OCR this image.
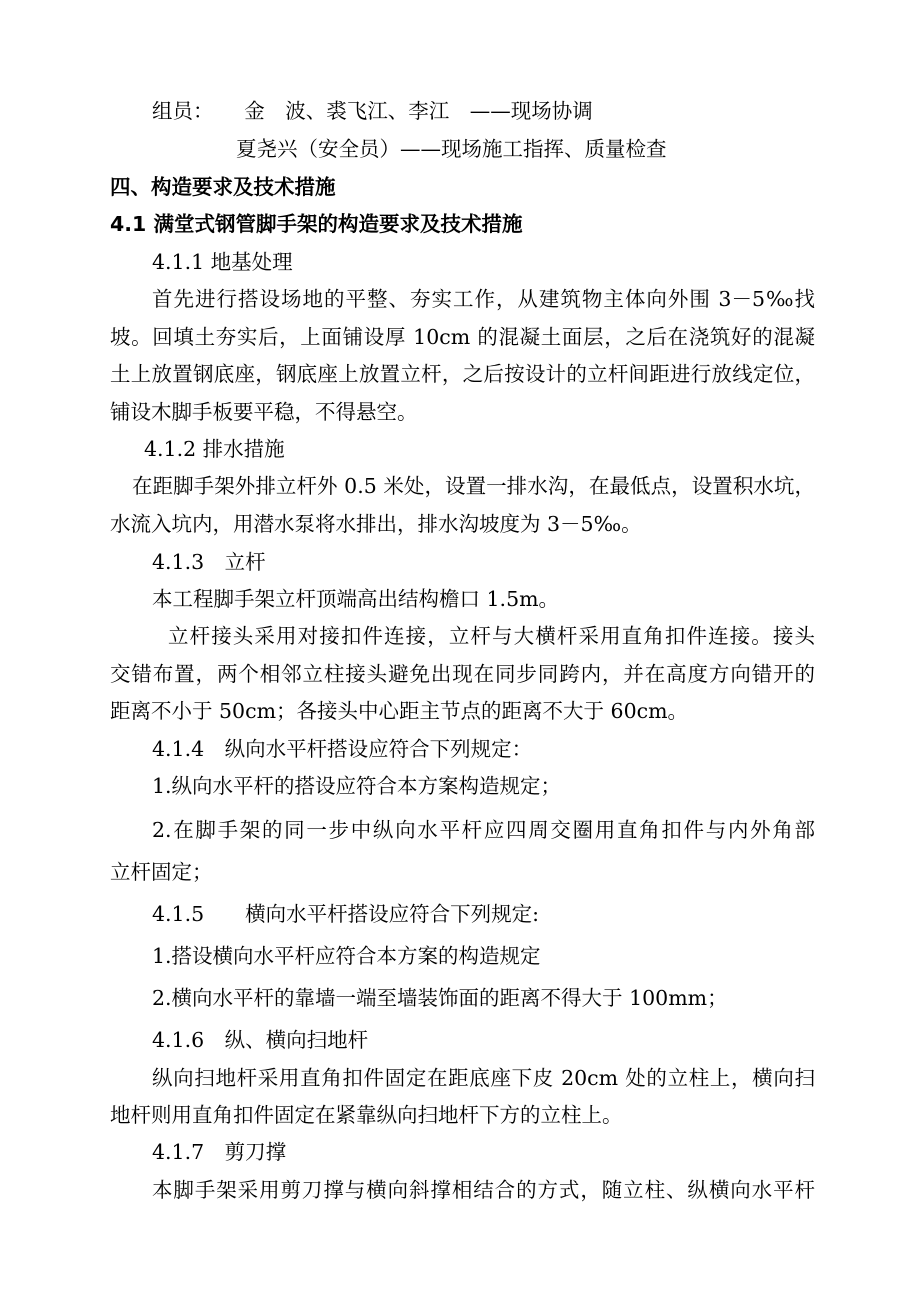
组员：　　金　波、裘飞江、李江　——现场协调
夏尧兴（安全员）——现场施工指挥、质量检查
四、构造要求及技术措施
4.1 满堂式钢管脚手架的构造要求及技术措施
4.1.1 地基处理
首先进行搭设场地的平整、夯实工作，从建筑物主体向外围 3－5‰找
坡。回填土夯实后，上面铺设厚 10cm 的混凝土面层，之后在浇筑好的混凝
土上放置钢底座，钢底座上放置立杆，之后按设计的立杆间距进行放线定位，
铺设木脚手板要平稳，不得悬空。
4.1.2 排水措施
在距脚手架外排立杆外 0.5 米处，设置一排水沟，在最低点，设置积水坑，
水流入坑内，用潜水泵将水排出，排水沟坡度为 3－5‰。
4.1.3　立杆
本工程脚手架立杆顶端高出结构檐口 1.5m。
立杆接头采用对接扣件连接，立杆与大横杆采用直角扣件连接。接头
交错布置，两个相邻立柱接头避免出现在同步同跨内，并在高度方向错开的
距离不小于 50cm；各接头中心距主节点的距离不大于 60cm。
4.1.4　纵向水平杆搭设应符合下列规定：
1.纵向水平杆的搭设应符合本方案构造规定；
2.在脚手架的同一步中纵向水平杆应四周交圈用直角扣件与内外角部
立杆固定；
4.1.5　　横向水平杆搭设应符合下列规定:
1.搭设横向水平杆应符合本方案的构造规定
2.横向水平杆的靠墙一端至墙装饰面的距离不得大于 100mm；
4.1.6　纵、横向扫地杆
纵向扫地杆采用直角扣件固定在距底座下皮 20cm 处的立柱上，横向扫
地杆则用直角扣件固定在紧靠纵向扫地杆下方的立柱上。
4.1.7　剪刀撑
本脚手架采用剪刀撑与横向斜撑相结合的方式，随立柱、纵横向水平杆
